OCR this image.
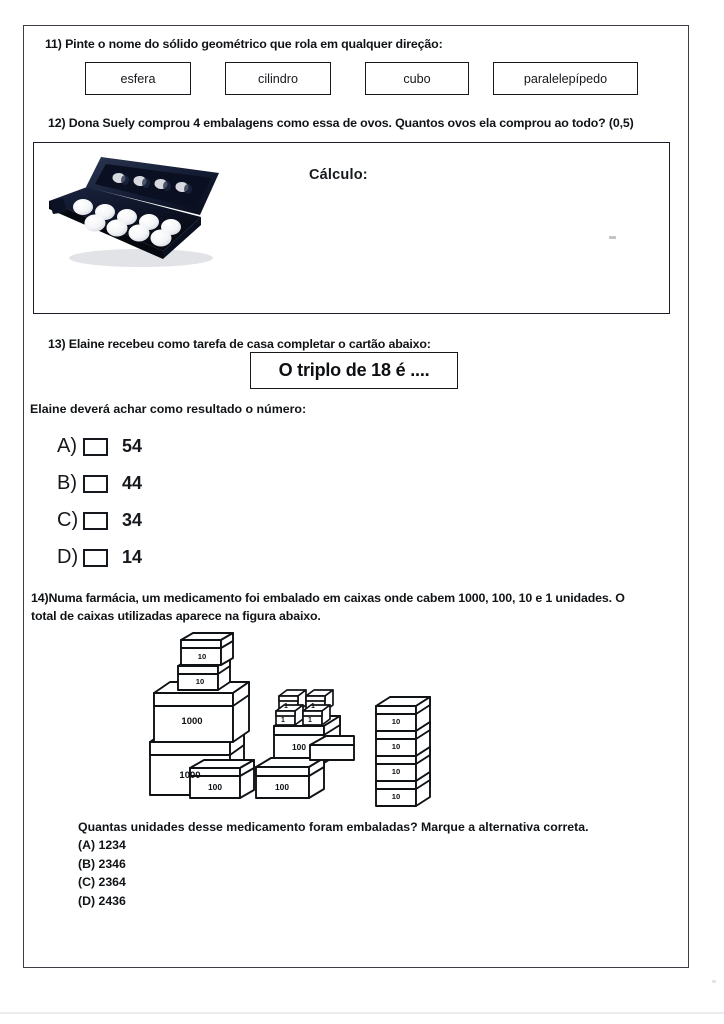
11) Pinte o nome do sólido geométrico que rola em qualquer direção:
esfera	cilindro	cubo	paralelepípedo
12) Dona Suely comprou 4 embalagens como essa de ovos. Quantos ovos ela comprou ao todo? (0,5)
Cálculo:
13) Elaine recebeu como tarefa de casa completar o cartão abaixo:
O triplo de 18 é ....
Elaine deverá achar como resultado o número:
A)	54
B)	44
C) 34
D) 14
14)Numa farmácia, um medicamento foi embalado em caixas onde cabem 1000, 100, 10 e 1 unidades. O
total de caixas utilizadas aparece na figura abaixo.
1000
1000
10
10
100
100	100
1	1
1	1	10
10
10
10
Quantas unidades desse medicamento foram embaladas? Marque a alternativa correta.
(A) 1234
(B) 2346
(C) 2364
(D) 2436
